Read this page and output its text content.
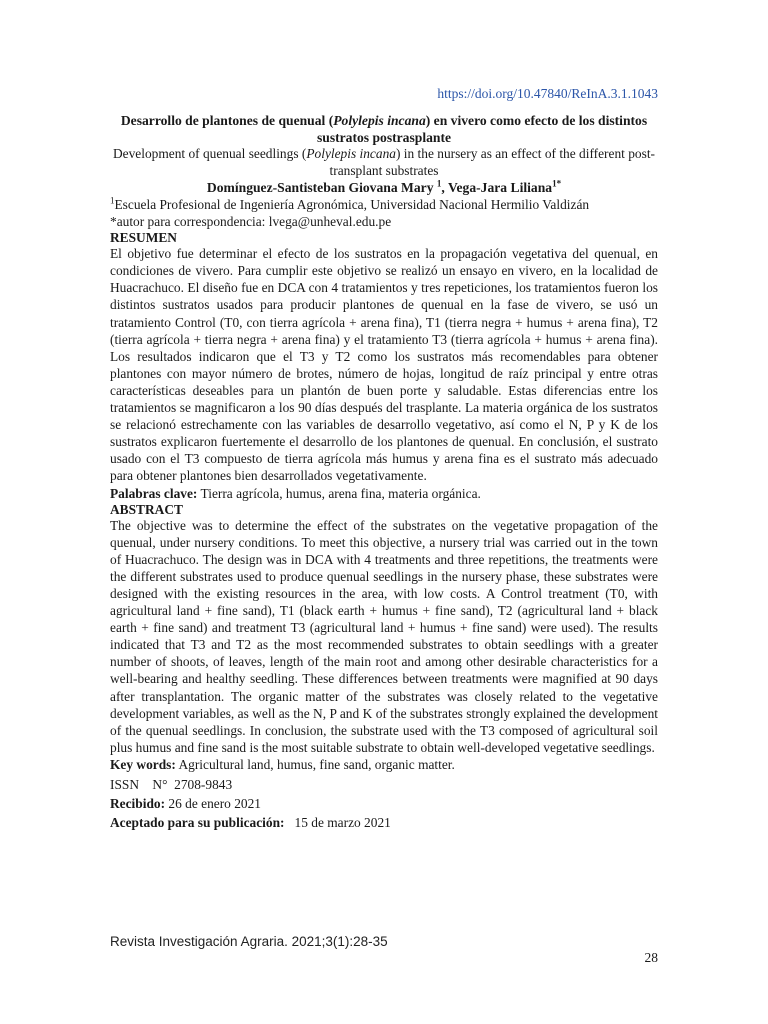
https://doi.org/10.47840/ReInA.3.1.1043

Desarrollo de plantones de quenual (Polylepis incana) en vivero como efecto de los distintos sustratos postrasplante

Development of quenual seedlings (Polylepis incana) in the nursery as an effect of the different post-transplant substrates

Domínguez-Santisteban Giovana Mary $^1$, Vega-Jara Liliana$^{1*}$

$^1$Escuela Profesional de Ingeniería Agronómica, Universidad Nacional Hermilio Valdizán

*autor para correspondencia: lvega@unheval.edu.pe

RESUMEN

El objetivo fue determinar el efecto de los sustratos en la propagación vegetativa del quenual, en condiciones de vivero. Para cumplir este objetivo se realizó un ensayo en vivero, en la localidad de Huacrachuco. El diseño fue en DCA con 4 tratamientos y tres repeticiones, los tratamientos fueron los distintos sustratos usados para producir plantones de quenual en la fase de vivero, se usó un tratamiento Control (T0, con tierra agrícola + arena fina), T1 (tierra negra + humus + arena fina), T2 (tierra agrícola + tierra negra + arena fina) y el tratamiento T3 (tierra agrícola + humus + arena fina). Los resultados indicaron que el T3 y T2 como los sustratos más recomendables para obtener plantones con mayor número de brotes, número de hojas, longitud de raíz principal y entre otras características deseables para un plantón de buen porte y saludable. Estas diferencias entre los tratamientos se magnificaron a los 90 días después del trasplante. La materia orgánica de los sustratos se relacionó estrechamente con las variables de desarrollo vegetativo, así como el N, P y K de los sustratos explicaron fuertemente el desarrollo de los plantones de quenual. En conclusión, el sustrato usado con el T3 compuesto de tierra agrícola más humus y arena fina es el sustrato más adecuado para obtener plantones bien desarrollados vegetativamente.

Palabras clave: Tierra agrícola, humus, arena fina, materia orgánica.

ABSTRACT

The objective was to determine the effect of the substrates on the vegetative propagation of the quenual, under nursery conditions. To meet this objective, a nursery trial was carried out in the town of Huacrachuco. The design was in DCA with 4 treatments and three repetitions, the treatments were the different substrates used to produce quenual seedlings in the nursery phase, these substrates were designed with the existing resources in the area, with low costs. A Control treatment (T0, with agricultural land + fine sand), T1 (black earth + humus + fine sand), T2 (agricultural land + black earth + fine sand) and treatment T3 (agricultural land + humus + fine sand) were used). The results indicated that T3 and T2 as the most recommended substrates to obtain seedlings with a greater number of shoots, of leaves, length of the main root and among other desirable characteristics for a well-bearing and healthy seedling. These differences between treatments were magnified at 90 days after transplantation. The organic matter of the substrates was closely related to the vegetative development variables, as well as the N, P and K of the substrates strongly explained the development of the quenual seedlings. In conclusion, the substrate used with the T3 composed of agricultural soil plus humus and fine sand is the most suitable substrate to obtain well-developed vegetative seedlings.

Key words: Agricultural land, humus, fine sand, organic matter.

ISSN    N°  2708-9843

Recibido: 26 de enero 2021

Aceptado para su publicación:   15 de marzo 2021

Revista Investigación Agraria. 2021;3(1):28-35
28
